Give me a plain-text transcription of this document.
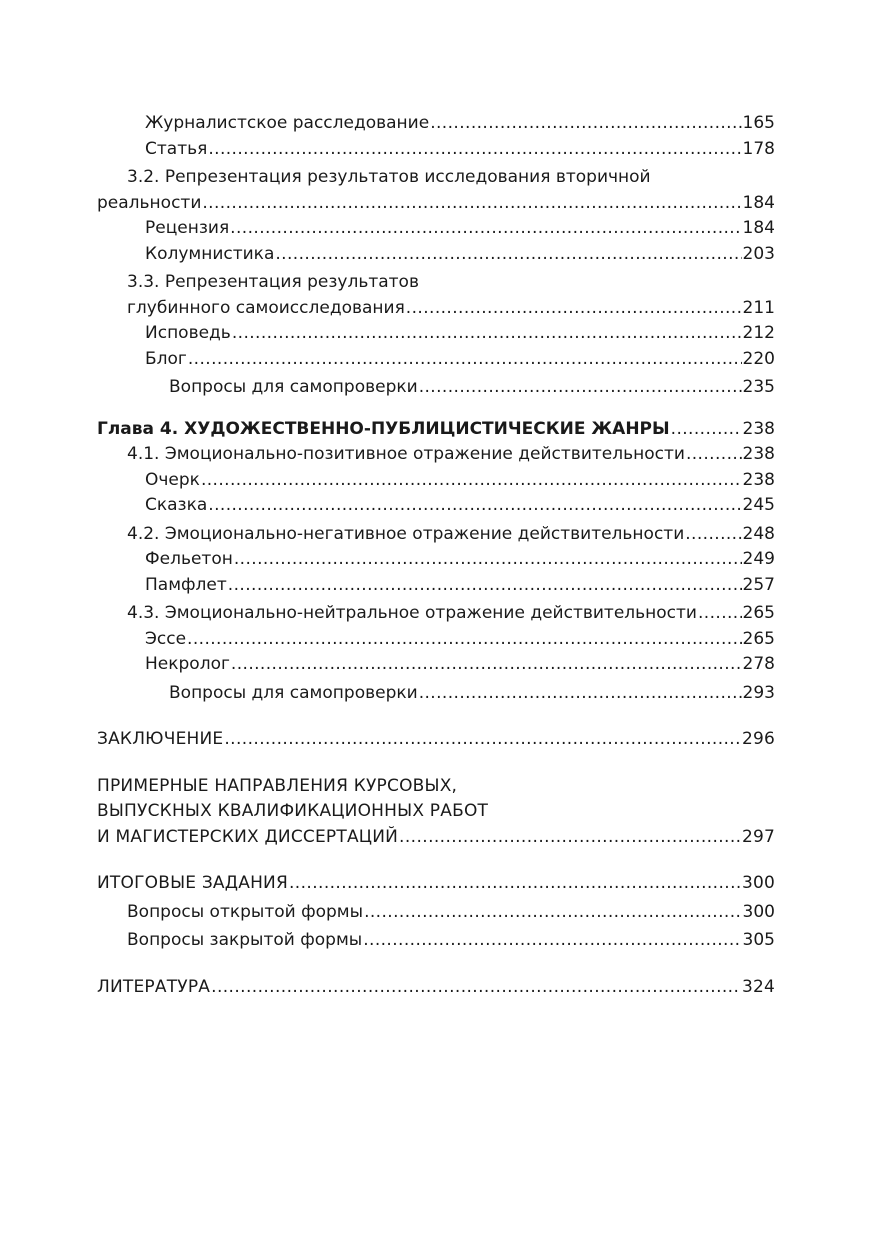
Журналистское расследование .....	165
Статья .....	178
3.2. Репрезентация результатов исследования вторичной
реальности .....	184
Рецензия .....	184
Колумнистика .....	203
3.3. Репрезентация результатов
глубинного самоисследования .....	211
Исповедь .....	212
Блог .....	220
Вопросы для самопроверки .....	235
Глава 4. ХУДОЖЕСТВЕННО-ПУБЛИЦИСТИЧЕСКИЕ ЖАНРЫ .....	238
4.1. Эмоционально-позитивное отражение действительности .....	238
Очерк .....	238
Сказка .....	245
4.2. Эмоционально-негативное отражение действительности .....	248
Фельетон .....	249
Памфлет .....	257
4.3. Эмоционально-нейтральное отражение действительности .....	265
Эссе .....	265
Некролог .....	278
Вопросы для самопроверки .....	293
ЗАКЛЮЧЕНИЕ .....	296
ПРИМЕРНЫЕ НАПРАВЛЕНИЯ КУРСОВЫХ,
ВЫПУСКНЫХ КВАЛИФИКАЦИОННЫХ РАБОТ
И МАГИСТЕРСКИХ ДИССЕРТАЦИЙ .....	297
ИТОГОВЫЕ ЗАДАНИЯ .....	300
Вопросы открытой формы .....	300
Вопросы закрытой формы .....	305
ЛИТЕРАТУРА .....	324
